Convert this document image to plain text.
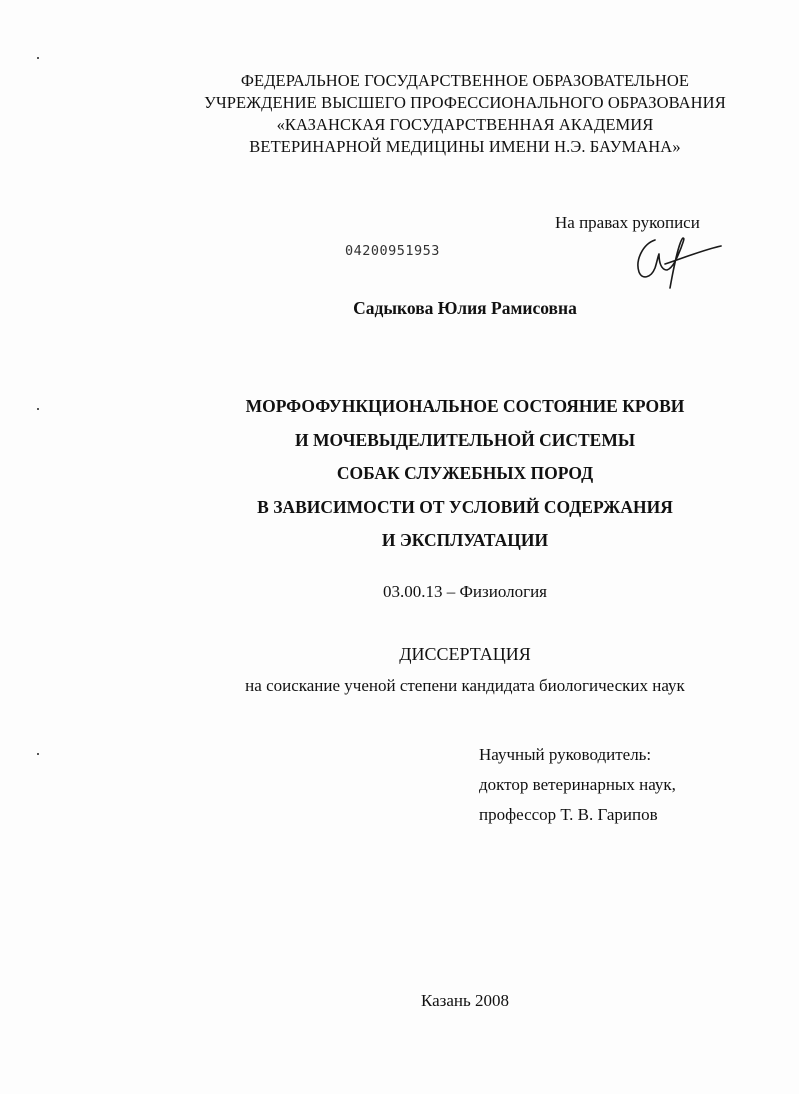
ФЕДЕРАЛЬНОЕ ГОСУДАРСТВЕННОЕ ОБРАЗОВАТЕЛЬНОЕ
УЧРЕЖДЕНИЕ ВЫСШЕГО ПРОФЕССИОНАЛЬНОГО ОБРАЗОВАНИЯ
«КАЗАНСКАЯ ГОСУДАРСТВЕННАЯ АКАДЕМИЯ
ВЕТЕРИНАРНОЙ МЕДИЦИНЫ ИМЕНИ Н.Э. БАУМАНА»
На правах рукописи
04200951953
Садыкова Юлия Рамисовна
МОРФОФУНКЦИОНАЛЬНОЕ СОСТОЯНИЕ КРОВИ
И МОЧЕВЫДЕЛИТЕЛЬНОЙ СИСТЕМЫ
СОБАК СЛУЖЕБНЫХ ПОРОД
В ЗАВИСИМОСТИ ОТ УСЛОВИЙ СОДЕРЖАНИЯ
И ЭКСПЛУАТАЦИИ
03.00.13 – Физиология
ДИССЕРТАЦИЯ
на соискание ученой степени кандидата биологических наук
Научный руководитель:
доктор ветеринарных наук,
профессор Т. В. Гарипов
Казань 2008
